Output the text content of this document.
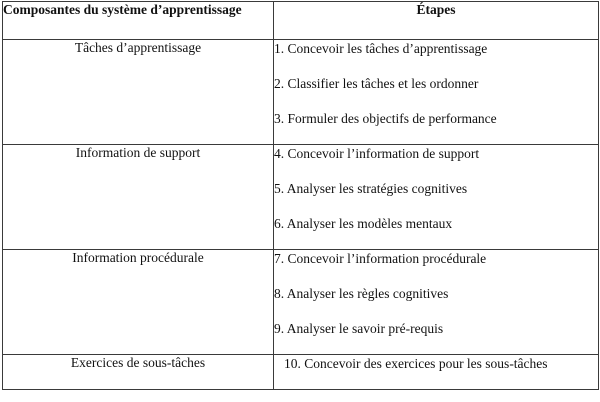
Composantes du système d’apprentissage	Étapes
Tâches d’apprentissage	1. Concevoir les tâches d’apprentissage
2. Classifier les tâches et les ordonner
3. Formuler des objectifs de performance

Information de support	4. Concevoir l’information de support
5. Analyser les stratégies cognitives
6. Analyser les modèles mentaux

Information procédurale	7. Concevoir l’information procédurale
8. Analyser les règles cognitives
9. Analyser le savoir pré-requis

Exercices de sous-tâches	10. Concevoir des exercices pour les sous-tâches
